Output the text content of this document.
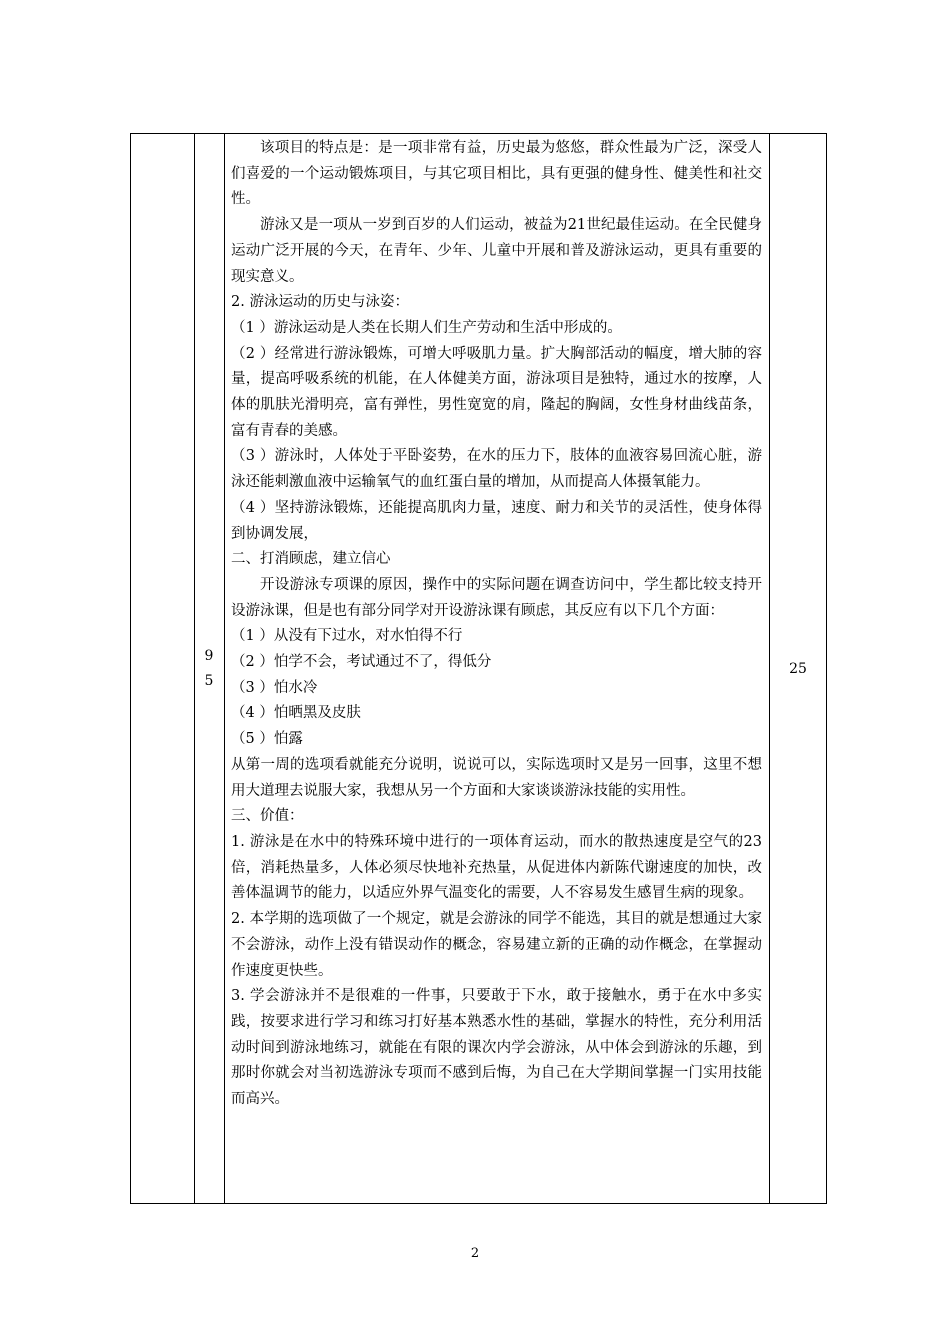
9
5

该项目的特点是：是一项非常有益，历史最为悠悠，群众性最为广泛，深受人们喜爱的一个运动锻炼项目，与其它项目相比，具有更强的健身性、健美性和社交性。

游泳又是一项从一岁到百岁的人们运动，被益为21世纪最佳运动。在全民健身运动广泛开展的今天，在青年、少年、儿童中开展和普及游泳运动，更具有重要的现实意义。

2. 游泳运动的历史与泳姿：

（1 ）游泳运动是人类在长期人们生产劳动和生活中形成的。

（2 ）经常进行游泳锻炼，可增大呼吸肌力量。扩大胸部活动的幅度，增大肺的容量，提高呼吸系统的机能，在人体健美方面，游泳项目是独特，通过水的按摩，人体的肌肤光滑明亮，富有弹性，男性宽宽的肩，隆起的胸阔，女性身材曲线苗条，富有青春的美感。

（3 ）游泳时，人体处于平卧姿势，在水的压力下，肢体的血液容易回流心脏，游泳还能刺激血液中运输氧气的血红蛋白量的增加，从而提高人体摄氧能力。

（4 ）坚持游泳锻炼，还能提高肌肉力量，速度、耐力和关节的灵活性，使身体得到协调发展，

二、打消顾虑，建立信心

开设游泳专项课的原因，操作中的实际问题在调查访问中，学生都比较支持开设游泳课，但是也有部分同学对开设游泳课有顾虑，其反应有以下几个方面：

（1 ）从没有下过水，对水怕得不行

（2 ）怕学不会，考试通过不了，得低分

（3 ）怕水冷

（4 ）怕晒黑及皮肤

（5 ）怕露

从第一周的选项看就能充分说明，说说可以，实际选项时又是另一回事，这里不想用大道理去说服大家，我想从另一个方面和大家谈谈游泳技能的实用性。

三、价值：

1. 游泳是在水中的特殊环境中进行的一项体育运动，而水的散热速度是空气的23倍，消耗热量多，人体必须尽快地补充热量，从促进体内新陈代谢速度的加快，改善体温调节的能力，以适应外界气温变化的需要，人不容易发生感冒生病的现象。

2. 本学期的选项做了一个规定，就是会游泳的同学不能选，其目的就是想通过大家不会游泳，动作上没有错误动作的概念，容易建立新的正确的动作概念，在掌握动作速度更快些。

3. 学会游泳并不是很难的一件事，只要敢于下水，敢于接触水，勇于在水中多实践，按要求进行学习和练习打好基本熟悉水性的基础，掌握水的特性，充分利用活动时间到游泳地练习，就能在有限的课次内学会游泳，从中体会到游泳的乐趣，到那时你就会对当初选游泳专项而不感到后悔，为自己在大学期间掌握一门实用技能而高兴。

25
2
